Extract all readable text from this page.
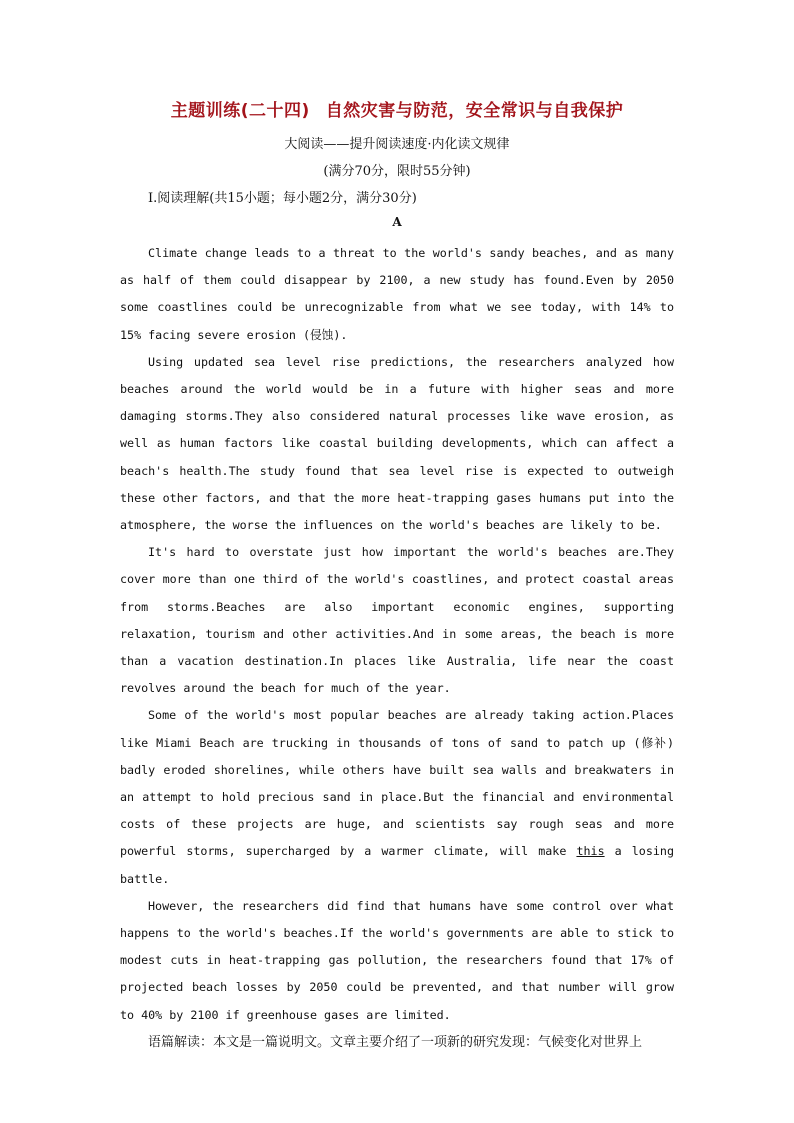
主题训练(二十四) 自然灾害与防范，安全常识与自我保护
大阅读——提升阅读速度·内化读文规律
(满分70分，限时55分钟)
Ⅰ.阅读理解(共15小题；每小题2分，满分30分)
A

Climate change leads to a threat to the world's sandy beaches, and as many as half of them could disappear by 2100, a new study has found.Even by 2050 some coastlines could be unrecognizable from what we see today, with 14% to 15% facing severe erosion (侵蚀).

Using updated sea level rise predictions, the researchers analyzed how beaches around the world would be in a future with higher seas and more damaging storms.They also considered natural processes like wave erosion, as well as human factors like coastal building developments, which can affect a beach's health.The study found that sea level rise is expected to outweigh these other factors, and that the more heat-trapping gases humans put into the atmosphere, the worse the influences on the world's beaches are likely to be.

It's hard to overstate just how important the world's beaches are.They cover more than one third of the world's coastlines, and protect coastal areas from storms.Beaches are also important economic engines, supporting relaxation, tourism and other activities.And in some areas, the beach is more than a vacation destination.In places like Australia, life near the coast revolves around the beach for much of the year.

Some of the world's most popular beaches are already taking action.Places like Miami Beach are trucking in thousands of tons of sand to patch up (修补) badly eroded shorelines, while others have built sea walls and breakwaters in an attempt to hold precious sand in place.But the financial and environmental costs of these projects are huge, and scientists say rough seas and more powerful storms, supercharged by a warmer climate, will make this a losing battle.

However, the researchers did find that humans have some control over what happens to the world's beaches.If the world's governments are able to stick to modest cuts in heat-trapping gas pollution, the researchers found that 17% of projected beach losses by 2050 could be prevented, and that number will grow to 40% by 2100 if greenhouse gases are limited.

语篇解读：本文是一篇说明文。文章主要介绍了一项新的研究发现：气候变化对世界上
